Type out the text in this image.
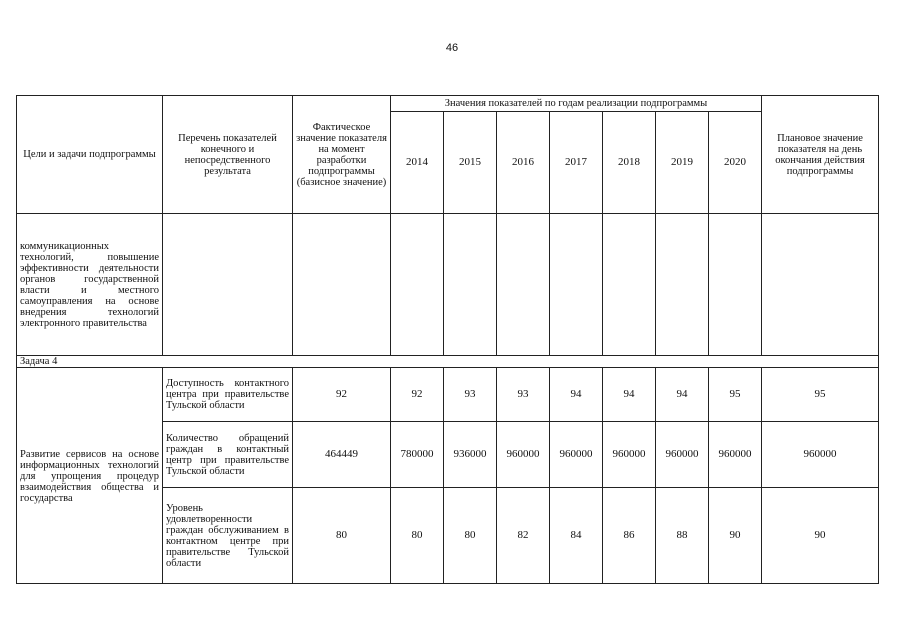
46
Цели и задачи подпрограммы	Перечень показателей конечного и непосредственного результата	Фактическое значение показателя на момент разработки подпрограммы (базисное значение)	Значения показателей по годам реализации подпрограммы							Плановое значение показателя на день окончания действия подпрограммы
			2014	2015	2016	2017	2018	2019	2020	
коммуникационных технологий, повышение эффективности деятельности органов государственной власти и местного самоуправления на основе внедрения технологий электронного правительства										
Задача 4										
Развитие сервисов на основе информационных технологий для упрощения процедур взаимодействия общества и государства	Доступность контактного центра при правительстве Тульской области	92	92	93	93	94	94	94	95	95
	Количество обращений граждан в контактный центр при правительстве Тульской области	464449	780000	936000	960000	960000	960000	960000	960000	960000
	Уровень удовлетворенности граждан обслуживанием в контактном центре при правительстве Тульской области	80	80	80	82	84	86	88	90	90
